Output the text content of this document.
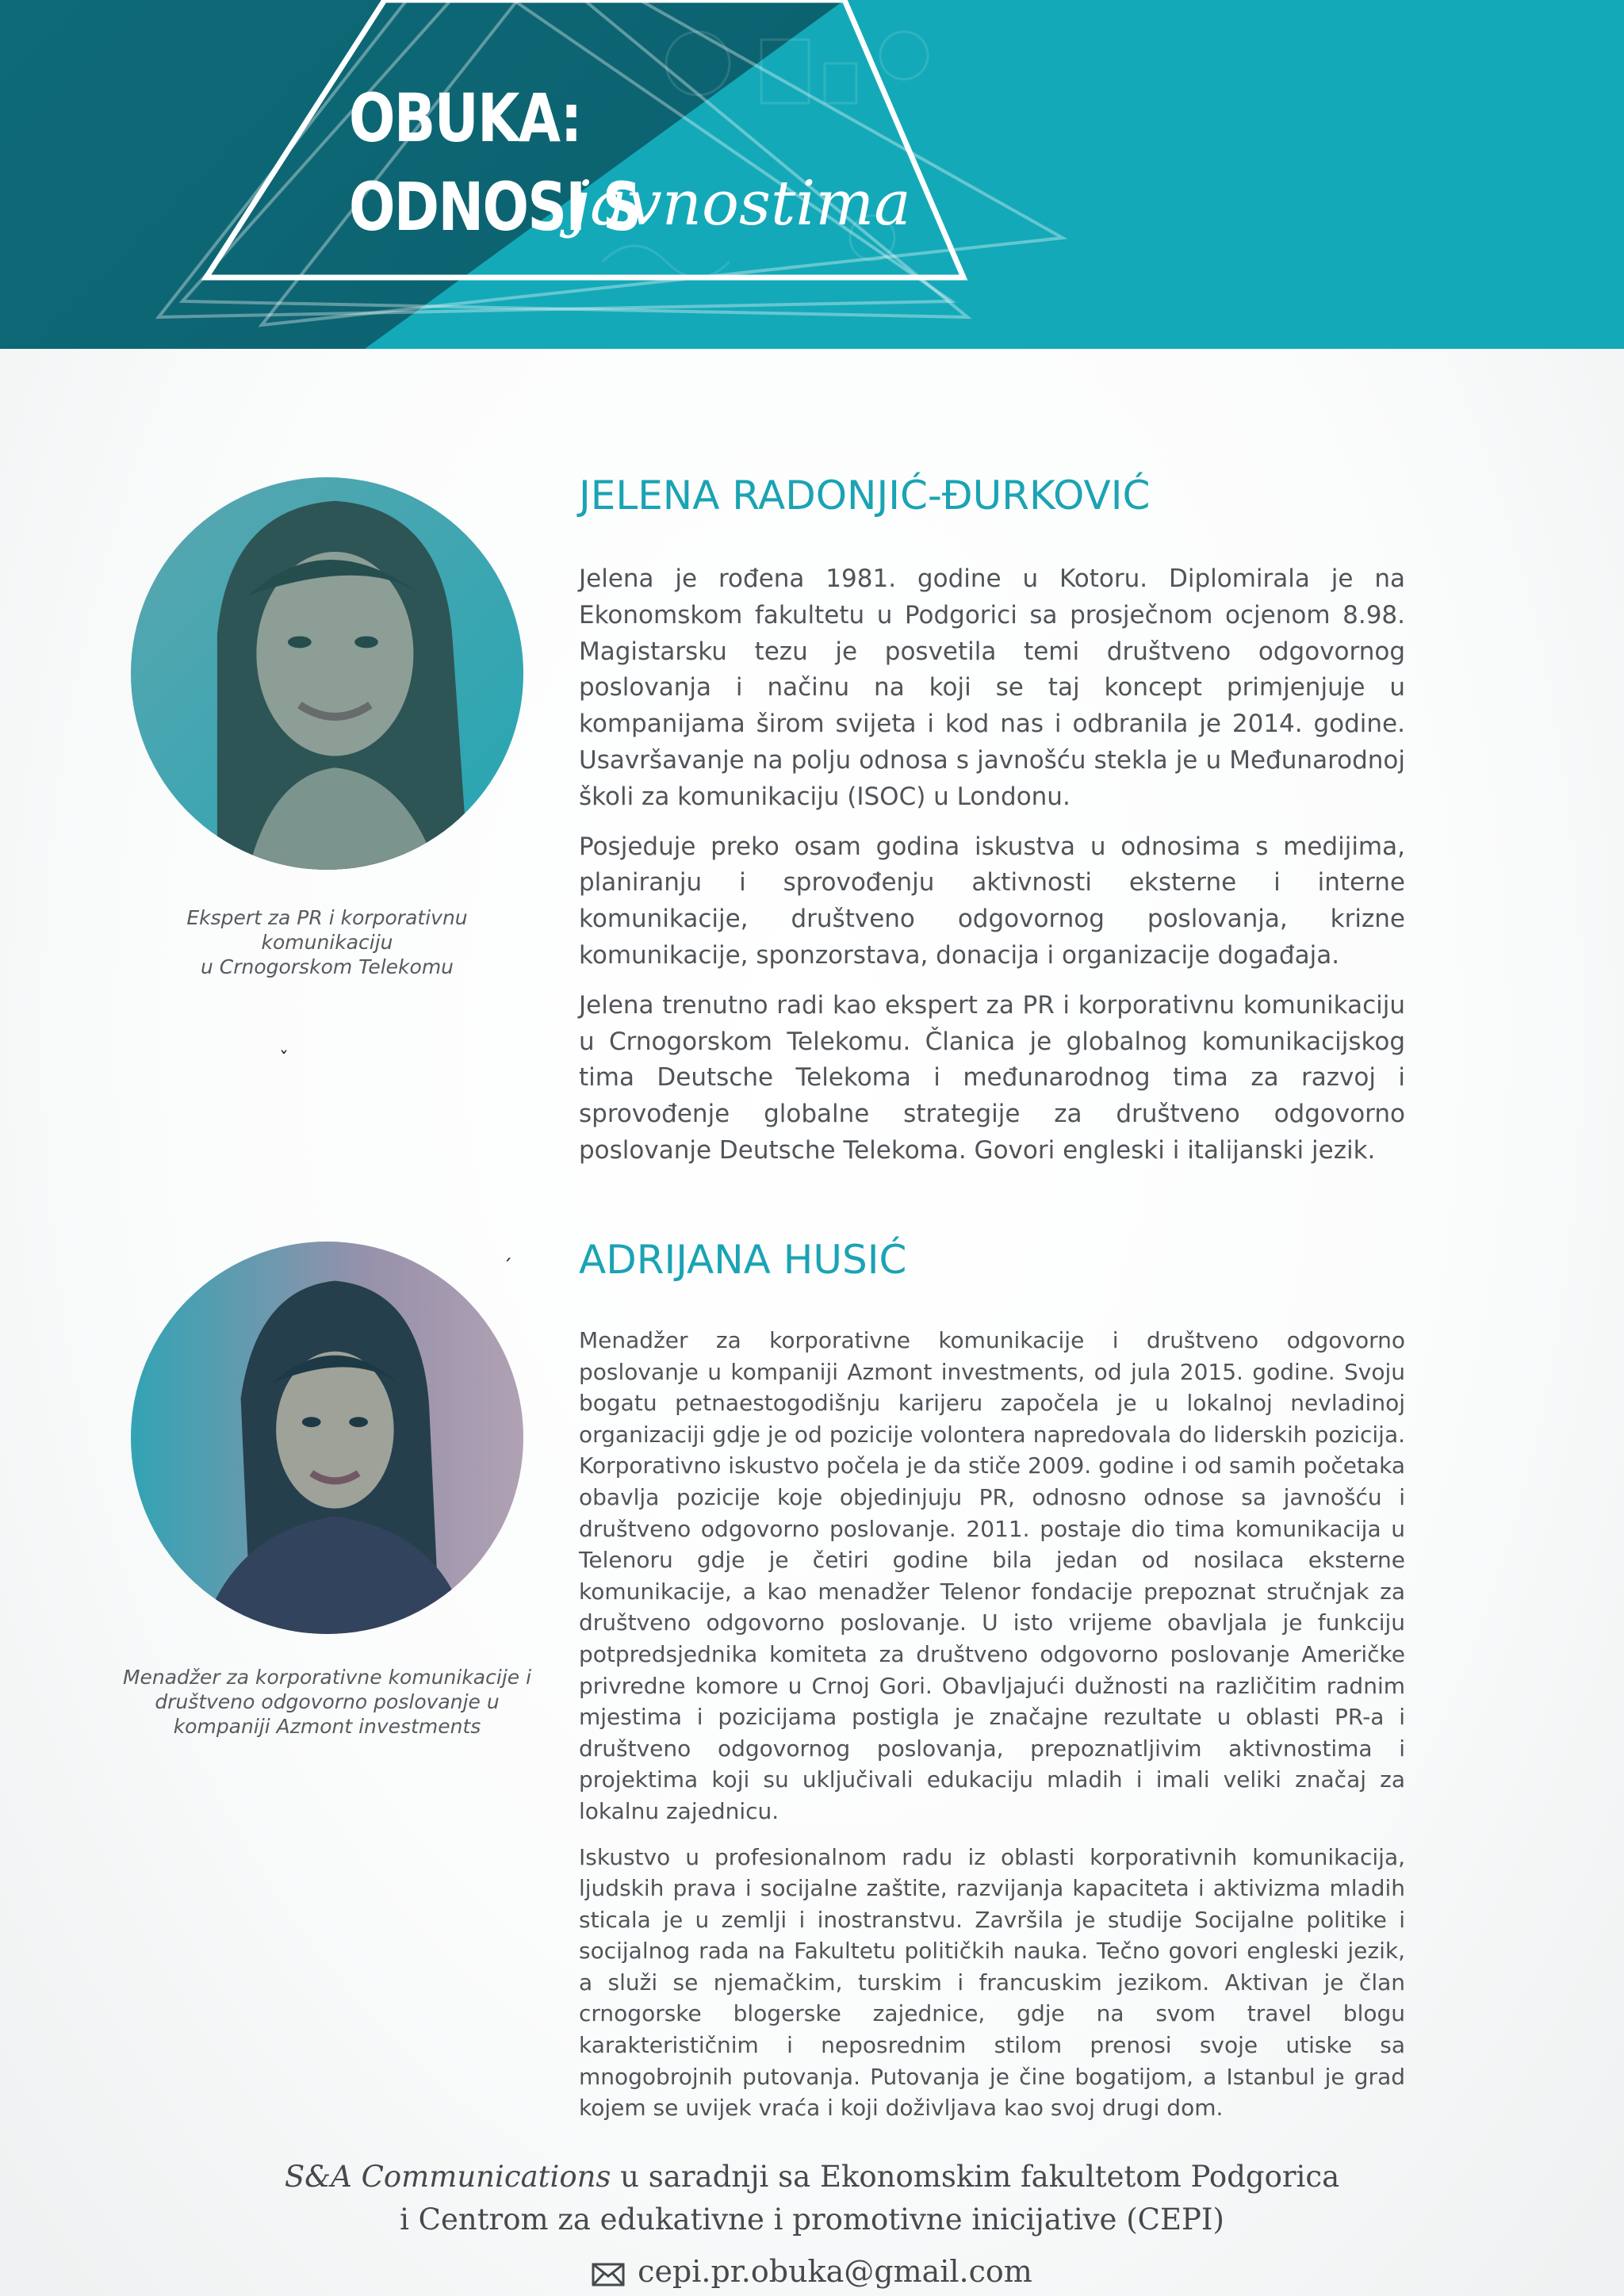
OBUKA:
ODNOSI S
javnostima
Ekspert za PR i korporativnu komunikaciju
u Crnogorskom Telekomu
JELENA RADONJIĆ-ĐURKOVIĆ

Jelena je rođena 1981. godine u Kotoru. Diplomirala je na Ekonomskom fakultetu u Podgorici sa prosječnom ocjenom 8.98. Magistarsku tezu je posvetila temi društveno odgovornog poslovanja i načinu na koji se taj koncept primjenjuje u kompanijama širom svijeta i kod nas i odbranila je 2014. godine. Usavršavanje na polju odnosa s javnošću stekla je u Međunarodnoj školi za komunikaciju (ISOC) u Londonu.

Posjeduje preko osam godina iskustva u odnosima s medijima, planiranju i sprovođenju aktivnosti eksterne i interne komunikacije, društveno odgovornog poslovanja, krizne komunikacije, sponzorstava, donacija i organizacije događaja.

Jelena trenutno radi kao ekspert za PR i korporativnu komunikaciju u Crnogorskom Telekomu. Članica je globalnog komunikacijskog tima Deutsche Telekoma i međunarodnog tima za razvoj i sprovođenje globalne strategije za društveno odgovorno poslovanje Deutsche Telekoma. Govori engleski i italijanski jezik.

ˇ
ˊ
Menadžer za korporativne komunikacije i
društveno odgovorno poslovanje u
kompaniji Azmont investments
ADRIJANA HUSIĆ

Menadžer za korporativne komunikacije i društveno odgovorno poslovanje u kompaniji Azmont investments, od jula 2015. godine. Svoju bogatu petnaestogodišnju karijeru započela je u lokalnoj nevladinoj organizaciji gdje je od pozicije volontera napredovala do liderskih pozicija. Korporativno iskustvo počela je da stiče 2009. godine i od samih početaka obavlja pozicije koje objedinjuju PR, odnosno odnose sa javnošću i društveno odgovorno poslovanje. 2011. postaje dio tima komunikacija u Telenoru gdje je četiri godine bila jedan od nosilaca eksterne komunikacije, a kao menadžer Telenor fondacije prepoznat stručnjak za društveno odgovorno poslovanje. U isto vrijeme obavljala je funkciju potpredsjednika komiteta za društveno odgovorno poslovanje Američke privredne komore u Crnoj Gori. Obavljajući dužnosti na različitim radnim mjestima i pozicijama postigla je značajne rezultate u oblasti PR-a i društveno odgovornog poslovanja, prepoznatljivim aktivnostima i projektima koji su uključivali edukaciju mladih i imali veliki značaj za lokalnu zajednicu.

Iskustvo u profesionalnom radu iz oblasti korporativnih komunikacija, ljudskih prava i socijalne zaštite, razvijanja kapaciteta i aktivizma mladih sticala je u zemlji i inostranstvu. Završila je studije Socijalne politike i socijalnog rada na Fakultetu političkih nauka. Tečno govori engleski jezik, a služi se njemačkim, turskim i francuskim jezikom. Aktivan je član crnogorske blogerske zajednice, gdje na svom travel blogu karakterističnim i neposrednim stilom prenosi svoje utiske sa mnogobrojnih putovanja. Putovanja je čine bogatijom, a Istanbul je grad kojem se uvijek vraća i koji doživljava kao svoj drugi dom.

S&A Communications u saradnji sa Ekonomskim fakultetom Podgorica
i Centrom za edukativne i promotivne inicijative (CEPI)
cepi.pr.obuka@gmail.com
